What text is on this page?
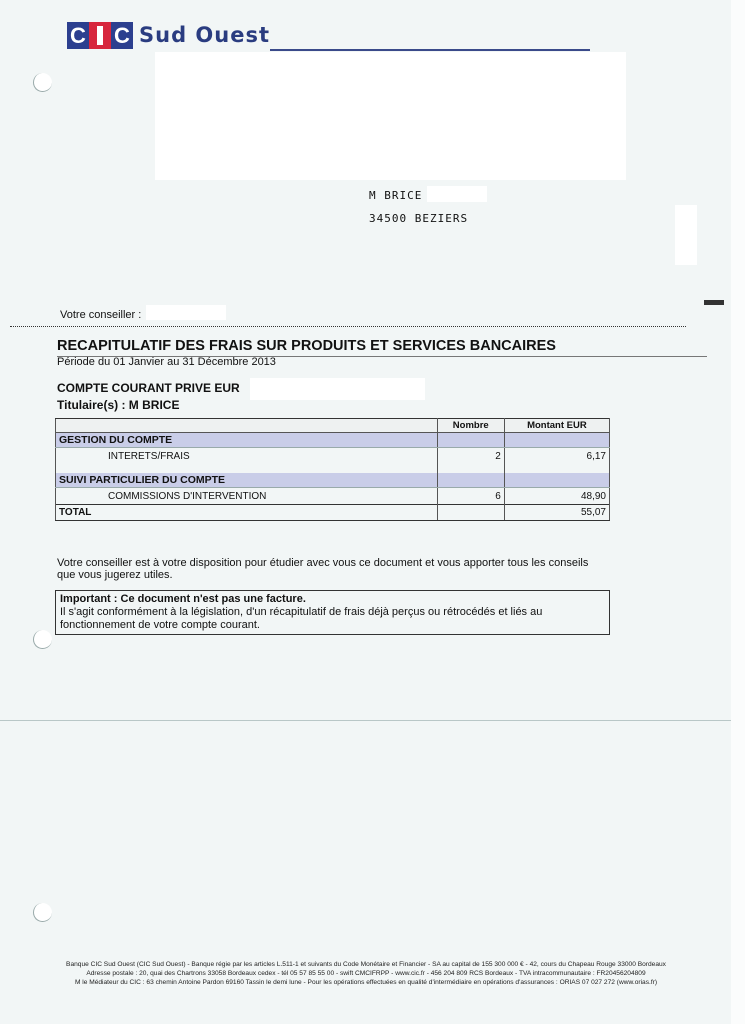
C C Sud Ouest
M BRICE
34500 BEZIERS
Votre conseiller :
RECAPITULATIF DES FRAIS SUR PRODUITS ET SERVICES BANCAIRES
Période du 01 Janvier au 31 Décembre 2013
COMPTE COURANT PRIVE EUR
Titulaire(s) : M BRICE
	Nombre	Montant EUR
GESTION DU COMPTE		
INTERETS/FRAIS	2	6,17

SUIVI PARTICULIER DU COMPTE		
COMMISSIONS D'INTERVENTION	6	48,90
TOTAL		55,07
Votre conseiller est à votre disposition pour étudier avec vous ce document et vous apporter tous les conseils
que vous jugerez utiles.
Important : Ce document n'est pas une facture.
Il s'agit conformément à la législation, d'un récapitulatif de frais déjà perçus ou rétrocédés et liés au
fonctionnement de votre compte courant.
Banque CIC Sud Ouest (CIC Sud Ouest) - Banque régie par les articles L.511-1 et suivants du Code Monétaire et Financier - SA au capital de 155 300 000 € - 42, cours du Chapeau Rouge 33000 Bordeaux
Adresse postale : 20, quai des Chartrons 33058 Bordeaux cedex - tél 05 57 85 55 00 - swift CMCIFRPP - www.cic.fr - 456 204 809 RCS Bordeaux - TVA intracommunautaire : FR20456204809
M le Médiateur du CIC : 63 chemin Antoine Pardon 69160 Tassin le demi lune - Pour les opérations effectuées en qualité d'intermédiaire en opérations d'assurances : ORIAS 07 027 272 (www.orias.fr)
